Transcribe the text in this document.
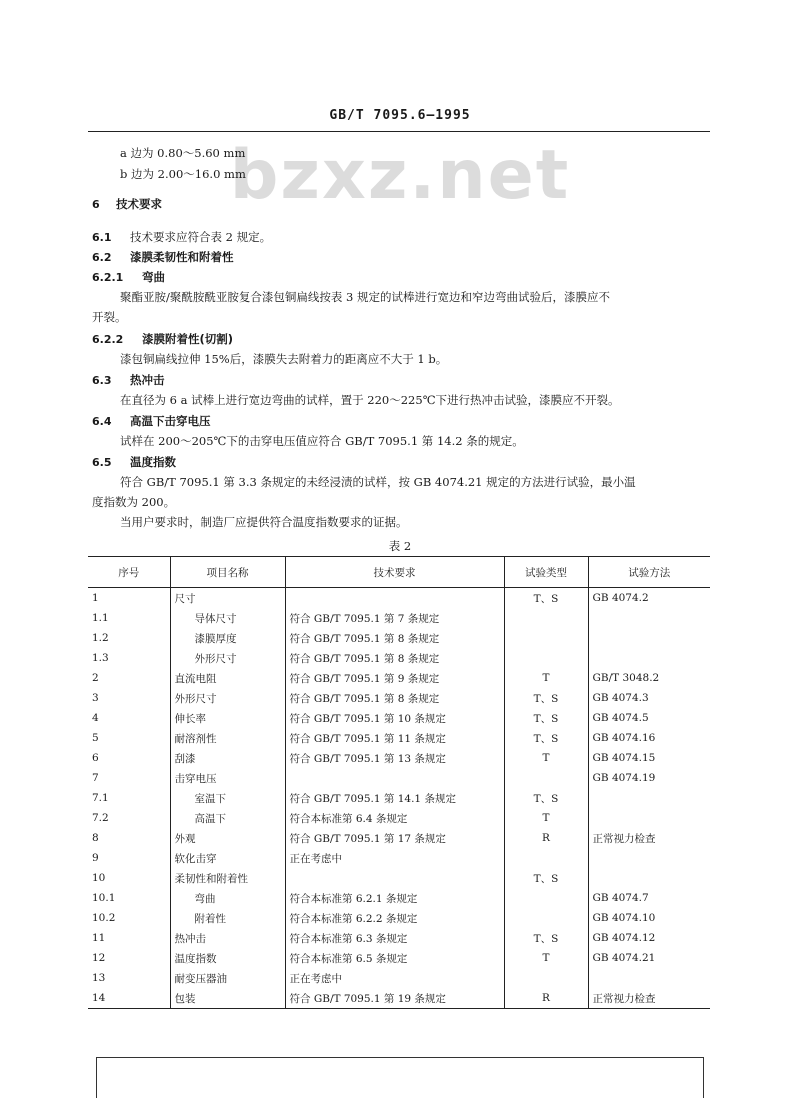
GB/T 7095.6—1995
bzxz.net
a 边为 0.80～5.60 mm
b 边为 2.00～16.0 mm
6 技术要求
6.1 技术要求应符合表 2 规定。
6.2 漆膜柔韧性和附着性
6.2.1 弯曲
聚酯亚胺/聚酰胺酰亚胺复合漆包铜扁线按表 3 规定的试棒进行宽边和窄边弯曲试验后，漆膜应不
开裂。
6.2.2 漆膜附着性(切割)
漆包铜扁线拉伸 15%后，漆膜失去附着力的距离应不大于 1 b。
6.3 热冲击
在直径为 6 a 试棒上进行宽边弯曲的试样，置于 220～225℃下进行热冲击试验，漆膜应不开裂。
6.4 高温下击穿电压
试样在 200～205℃下的击穿电压值应符合 GB/T 7095.1 第 14.2 条的规定。
6.5 温度指数
符合 GB/T 7095.1 第 3.3 条规定的未经浸渍的试样，按 GB 4074.21 规定的方法进行试验，最小温
度指数为 200。
当用户要求时，制造厂应提供符合温度指数要求的证据。
表 2
序号	项目名称	技术要求	试验类型	试验方法
1	尺寸		T、S	GB 4074.2
1.1	导体尺寸	符合 GB/T 7095.1 第 7 条规定		
1.2	漆膜厚度	符合 GB/T 7095.1 第 8 条规定		
1.3	外形尺寸	符合 GB/T 7095.1 第 8 条规定		
2	直流电阻	符合 GB/T 7095.1 第 9 条规定	T	GB/T 3048.2
3	外形尺寸	符合 GB/T 7095.1 第 8 条规定	T、S	GB 4074.3
4	伸长率	符合 GB/T 7095.1 第 10 条规定	T、S	GB 4074.5
5	耐溶剂性	符合 GB/T 7095.1 第 11 条规定	T、S	GB 4074.16
6	刮漆	符合 GB/T 7095.1 第 13 条规定	T	GB 4074.15
7	击穿电压			GB 4074.19
7.1	室温下	符合 GB/T 7095.1 第 14.1 条规定	T、S	
7.2	高温下	符合本标准第 6.4 条规定	T	
8	外观	符合 GB/T 7095.1 第 17 条规定	R	正常视力检查
9	软化击穿	正在考虑中		
10	柔韧性和附着性		T、S	
10.1	弯曲	符合本标准第 6.2.1 条规定		GB 4074.7
10.2	附着性	符合本标准第 6.2.2 条规定		GB 4074.10
11	热冲击	符合本标准第 6.3 条规定	T、S	GB 4074.12
12	温度指数	符合本标准第 6.5 条规定	T	GB 4074.21
13	耐变压器油	正在考虑中		
14	包装	符合 GB/T 7095.1 第 19 条规定	R	正常视力检查
